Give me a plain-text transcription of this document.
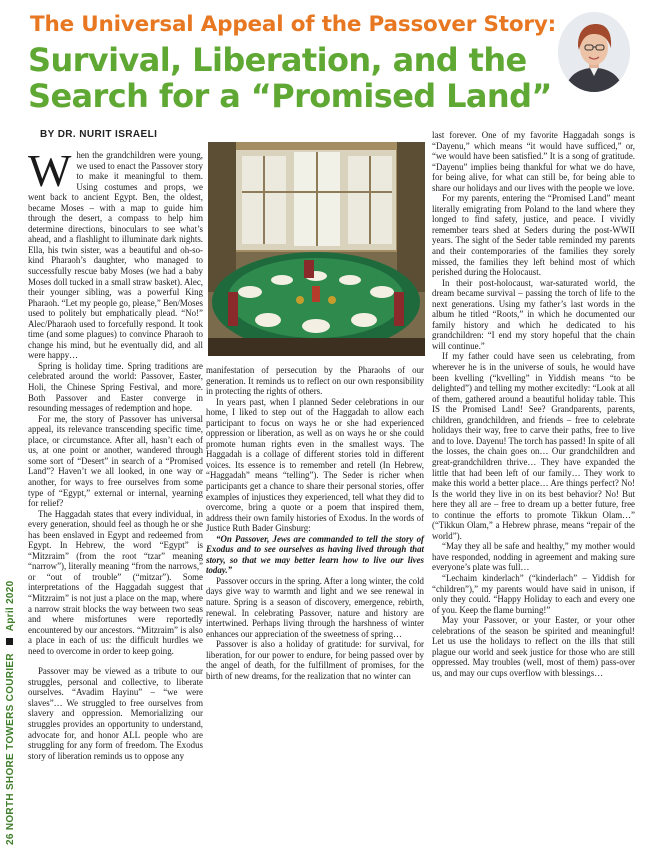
The Universal Appeal of the Passover Story:
Survival, Liberation, and the
Search for a “Promised Land”
BY DR. NURIT ISRAELI
26 NORTH SHORE TOWERS COURIER  April 2020

When the grandchildren were young, we used to enact the Passover story to make it meaningful to them. Using costumes and props, we went back to ancient Egypt. Ben, the oldest, became Moses – with a map to guide him through the desert, a compass to help him determine directions, binoculars to see what’s ahead, and a flashlight to illuminate dark nights. Ella, his twin sister, was a beautiful and oh-so-kind Pharaoh’s daughter, who managed to successfully rescue baby Moses (we had a baby Moses doll tucked in a small straw basket). Alec, their younger sibling, was a powerful King Pharaoh. “Let my people go, please,” Ben/Moses used to politely but emphatically plead. “No!” Alec/Pharaoh used to forcefully respond. It took time (and some plagues) to convince Pharaoh to change his mind, but he eventually did, and all were happy…

Spring is holiday time. Spring traditions are celebrated around the world: Passover, Easter, Holi, the Chinese Spring Festival, and more. Both Passover and Easter converge in resounding messages of redemption and hope.

For me, the story of Passover has universal appeal, its relevance transcending specific time, place, or circumstance. After all, hasn’t each of us, at one point or another, wandered through some sort of “Desert” in search of a “Promised Land”? Haven’t we all looked, in one way or another, for ways to free ourselves from some type of “Egypt,” external or internal, yearning for relief?

The Haggadah states that every individual, in every generation, should feel as though he or she has been enslaved in Egypt and redeemed from Egypt. In Hebrew, the word “Egypt” is “Mitzraim” (from the root “tzar” meaning “narrow”), literally meaning “from the narrows,” or “out of trouble” (“mitzar”). Some interpretations of the Haggadah suggest that “Mitzraim” is not just a place on the map, where a narrow strait blocks the way between two seas and where misfortunes were reportedly encountered by our ancestors. “Mitzraim” is also a place in each of us: the difficult hurdles we need to overcome in order to keep going.

Passover may be viewed as a tribute to our struggles, personal and collective, to liberate ourselves. “Avadim Hayinu” – “we were slaves”… We struggled to free ourselves from slavery and oppression. Memorializing our struggles provides an opportunity to understand, advocate for, and honor ALL people who are struggling for any form of freedom. The Exodus story of liberation reminds us to oppose any

manifestation of persecution by the Pharaohs of our generation. It reminds us to reflect on our own responsibility in protecting the rights of others.

In years past, when I planned Seder celebrations in our home, I liked to step out of the Haggadah to allow each participant to focus on ways he or she had experienced oppression or liberation, as well as on ways he or she could promote human rights even in the smallest ways. The Haggadah is a collage of different stories told in different voices. Its essence is to remember and retell (In Hebrew, “Haggadah” means “telling”). The Seder is richer when participants get a chance to share their personal stories, offer examples of injustices they experienced, tell what they did to overcome, bring a quote or a poem that inspired them, address their own family histories of Exodus. In the words of Justice Ruth Bader Ginsburg:

“On Passover, Jews are commanded to tell the story of Exodus and to see ourselves as having lived through that story, so that we may better learn how to live our lives today.”

Passover occurs in the spring. After a long winter, the cold days give way to warmth and light and we see renewal in nature. Spring is a season of discovery, emergence, rebirth, renewal. In celebrating Passover, nature and history are intertwined. Perhaps living through the harshness of winter enhances our appreciation of the sweetness of spring…

Passover is also a holiday of gratitude: for survival, for liberation, for our power to endure, for being passed over by the angel of death, for the fulfillment of promises, for the birth of new dreams, for the realization that no winter can

last forever. One of my favorite Haggadah songs is “Dayenu,” which means “it would have sufficed,” or, “we would have been satisfied.” It is a song of gratitude. “Dayenu” implies being thankful for what we do have, for being alive, for what can still be, for being able to share our holidays and our lives with the people we love.

For my parents, entering the “Promised Land” meant literally emigrating from Poland to the land where they longed to find safety, justice, and peace. I vividly remember tears shed at Seders during the post-WWII years. The sight of the Seder table reminded my parents and their contemporaries of the families they sorely missed, the families they left behind most of which perished during the Holocaust.

In their post-holocaust, war-saturated world, the dream became survival – passing the torch of life to the next generations. Using my father’s last words in the album he titled “Roots,” in which he documented our family history and which he dedicated to his grandchildren: “I end my story hopeful that the chain will continue.”

If my father could have seen us celebrating, from wherever he is in the universe of souls, he would have been kvelling (“kvelling” in Yiddish means “to be delighted”) and telling my mother excitedly: “Look at all of them, gathered around a beautiful holiday table. This IS the Promised Land! See? Grandparents, parents, children, grandchildren, and friends – free to celebrate holidays their way, free to carve their paths, free to live and to love. Dayenu! The torch has passed! In spite of all the losses, the chain goes on… Our grandchildren and great-grandchildren thrive… They have expanded the little that had been left of our family… They work to make this world a better place… Are things perfect? No! Is the world they live in on its best behavior? No! But here they all are – free to dream up a better future, free to continue the efforts to promote Tikkun Olam…” (“Tikkun Olam,” a Hebrew phrase, means “repair of the world”).

“May they all be safe and healthy,” my mother would have responded, nodding in agreement and making sure everyone’s plate was full…

“Lechaim kinderlach” (“kinderlach” – Yiddish for “children”),” my parents would have said in unison, if only they could. “Happy Holiday to each and every one of you. Keep the flame burning!”

May your Passover, or your Easter, or your other celebrations of the season be spirited and meaningful! Let us use the holidays to reflect on the ills that still plague our world and seek justice for those who are still oppressed. May troubles (well, most of them) pass-over us, and may our cups overflow with blessings…
